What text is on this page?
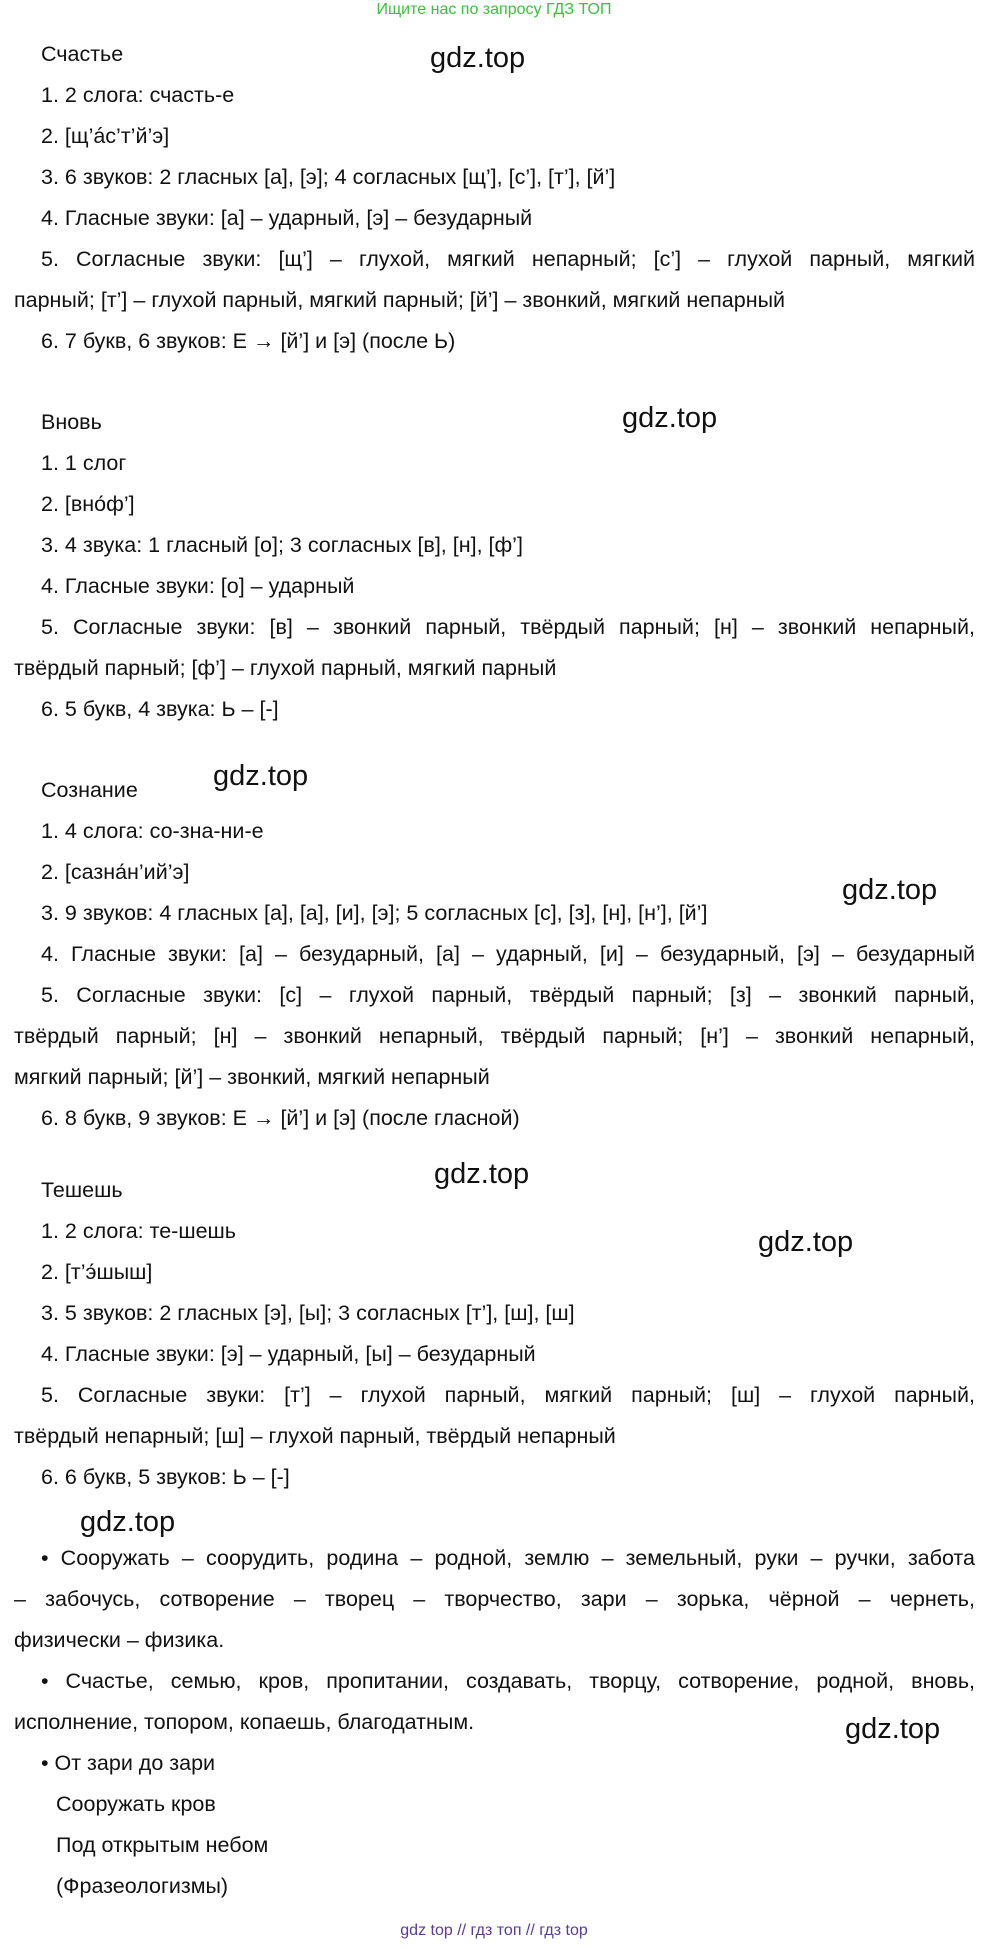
Ищите нас по запросу ГДЗ ТОП
Счастье
1. 2 слога: счасть-е
2. [щ’áс’т’й’э]
3. 6 звуков: 2 гласных [а], [э]; 4 согласных [щ’], [с’], [т’], [й’]
4. Гласные звуки: [а] – ударный, [э] – безударный
5. Согласные звуки: [щ’] – глухой, мягкий непарный; [с’] – глухой парный, мягкий
парный; [т’] – глухой парный, мягкий парный; [й’] – звонкий, мягкий непарный
6. 7 букв, 6 звуков: Е → [й’] и [э] (после Ь)
Вновь
1. 1 слог
2. [вно́ф’]
3. 4 звука: 1 гласный [о]; 3 согласных [в], [н], [ф’]
4. Гласные звуки: [о] – ударный
5. Согласные звуки: [в] – звонкий парный, твёрдый парный; [н] – звонкий непарный,
твёрдый парный; [ф’] – глухой парный, мягкий парный
6. 5 букв, 4 звука: Ь – [-]
Сознание
1. 4 слога: со-зна-ни-е
2. [сазна́н’ий’э]
3. 9 звуков: 4 гласных [а], [а], [и], [э]; 5 согласных [с], [з], [н], [н’], [й’]
4. Гласные звуки: [а] – безударный, [а] – ударный, [и] – безударный, [э] – безударный
5. Согласные звуки: [с] – глухой парный, твёрдый парный; [з] – звонкий парный,
твёрдый парный; [н] – звонкий непарный, твёрдый парный; [н’] – звонкий непарный,
мягкий парный; [й’] – звонкий, мягкий непарный
6. 8 букв, 9 звуков: Е → [й’] и [э] (после гласной)
Тешешь
1. 2 слога: те-шешь
2. [т’э́шыш]
3. 5 звуков: 2 гласных [э], [ы]; 3 согласных [т’], [ш], [ш]
4. Гласные звуки: [э] – ударный, [ы] – безударный
5. Согласные звуки: [т’] – глухой парный, мягкий парный; [ш] – глухой парный,
твёрдый непарный; [ш] – глухой парный, твёрдый непарный
6. 6 букв, 5 звуков: Ь – [-]
• Сооружать – соорудить, родина – родной, землю – земельный, руки – ручки, забота
– забочусь, сотворение – творец – творчество, зари – зорька, чёрной – чернеть,
физически – физика.
• Счастье, семью, кров, пропитании, создавать, творцу, сотворение, родной, вновь,
исполнение, топором, копаешь, благодатным.
• От зари до зари
Сооружать кров
Под открытым небом
(Фразеологизмы)
gdz.top
gdz.top
gdz.top
gdz.top
gdz.top
gdz.top
gdz.top
gdz.top
gdz top // гдз топ // гдз top
